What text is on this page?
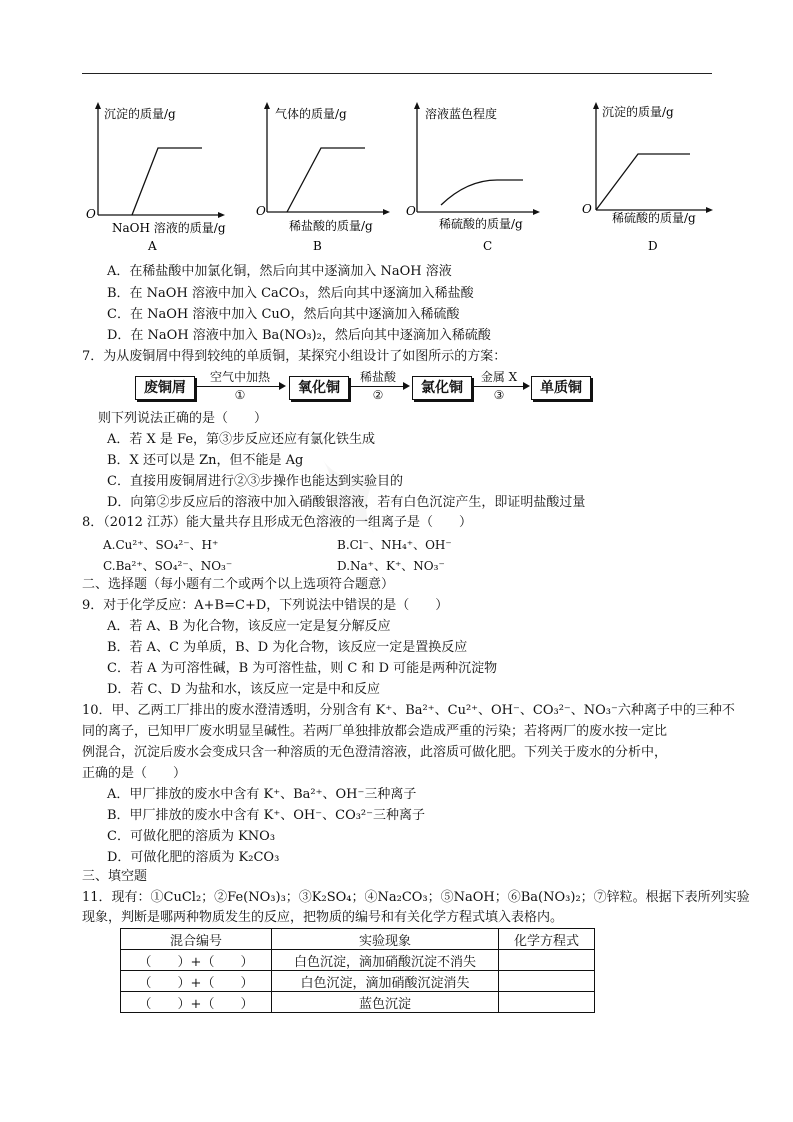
沉淀的质量/g
O
NaOH 溶液的质量/g
A
气体的质量/g
O
稀盐酸的质量/g
B
溶液蓝色程度
O
稀硫酸的质量/g
C
沉淀的质量/g
O
稀硫酸的质量/g
D
A．在稀盐酸中加氯化铜，然后向其中逐滴加入 NaOH 溶液
B．在 NaOH 溶液中加入 CaCO₃，然后向其中逐滴加入稀盐酸
C．在 NaOH 溶液中加入 CuO，然后向其中逐滴加入稀硫酸
D．在 NaOH 溶液中加入 Ba(NO₃)₂，然后向其中逐滴加入稀硫酸
7．为从废铜屑中得到较纯的单质铜，某探究小组设计了如图所示的方案：
废铜屑
空气中加热
①	氧化铜
稀盐酸
②	氯化铜
金属 X
③	单质铜
则下列说法正确的是（　　）
A．若 X 是 Fe，第③步反应还应有氯化铁生成
B．X 还可以是 Zn，但不能是 Ag
C．直接用废铜屑进行②③步操作也能达到实验目的
D．向第②步反应后的溶液中加入硝酸银溶液，若有白色沉淀产生，即证明盐酸过量
8．（2012 江苏）能大量共存且形成无色溶液的一组离子是（　　）
A.Cu²⁺、SO₄²⁻、H⁺	B.Cl⁻、NH₄⁺、OH⁻
C.Ba²⁺、SO₄²⁻、NO₃⁻	D.Na⁺、K⁺、NO₃⁻
二、选择题（每小题有二个或两个以上选项符合题意）
9．对于化学反应：A+B=C+D，下列说法中错误的是（　　）
A．若 A、B 为化合物，该反应一定是复分解反应
B．若 A、C 为单质，B、D 为化合物，该反应一定是置换反应
C．若 A 为可溶性碱，B 为可溶性盐，则 C 和 D 可能是两种沉淀物
D．若 C、D 为盐和水，该反应一定是中和反应
10．甲、乙两工厂排出的废水澄清透明，分别含有 K⁺、Ba²⁺、Cu²⁺、OH⁻、CO₃²⁻、NO₃⁻六种离子中的三种不
同的离子，已知甲厂废水明显呈碱性。若两厂单独排放都会造成严重的污染；若将两厂的废水按一定比
例混合，沉淀后废水会变成只含一种溶质的无色澄清溶液，此溶质可做化肥。下列关于废水的分析中，
正确的是（　　）
A．甲厂排放的废水中含有 K⁺、Ba²⁺、OH⁻三种离子
B．甲厂排放的废水中含有 K⁺、OH⁻、CO₃²⁻三种离子
C．可做化肥的溶质为 KNO₃
D．可做化肥的溶质为 K₂CO₃
三、填空题
11．现有：①CuCl₂；②Fe(NO₃)₃；③K₂SO₄；④Na₂CO₃；⑤NaOH；⑥Ba(NO₃)₂；⑦锌粒。根据下表所列实验
现象，判断是哪两种物质发生的反应，把物质的编号和有关化学方程式填入表格内。
混合编号	实验现象	化学方程式
（　　）+（　　）	白色沉淀，滴加硝酸沉淀不消失	
（　　）+（　　）	白色沉淀，滴加硝酸沉淀消失	
（　　）+（　　）	蓝色沉淀	
